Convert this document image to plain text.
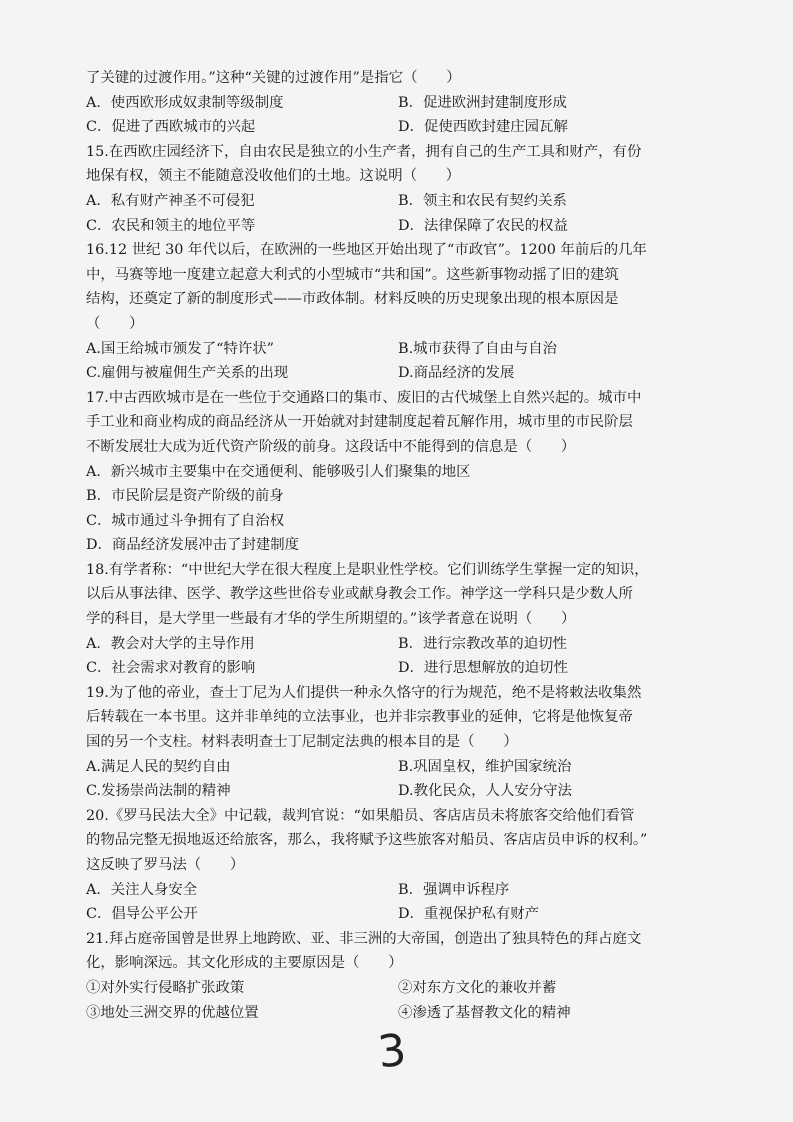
了关键的过渡作用。”这种“关键的过渡作用”是指它（　　）
A．使西欧形成奴隶制等级制度	B．促进欧洲封建制度形成
C．促进了西欧城市的兴起	D．促使西欧封建庄园瓦解
15.在西欧庄园经济下，自由农民是独立的小生产者，拥有自己的生产工具和财产，有份
地保有权，领主不能随意没收他们的土地。这说明（　　）
A．私有财产神圣不可侵犯	B．领主和农民有契约关系
C．农民和领主的地位平等	D．法律保障了农民的权益
16.12 世纪 30 年代以后，在欧洲的一些地区开始出现了“市政官”。1200 年前后的几年
中，马赛等地一度建立起意大利式的小型城市“共和国”。这些新事物动摇了旧的建筑
结构，还奠定了新的制度形式——市政体制。材料反映的历史现象出现的根本原因是
（　　）
A.国王给城市颁发了“特许状”	B.城市获得了自由与自治
C.雇佣与被雇佣生产关系的出现	D.商品经济的发展
17.中古西欧城市是在一些位于交通路口的集市、废旧的古代城堡上自然兴起的。城市中
手工业和商业构成的商品经济从一开始就对封建制度起着瓦解作用，城市里的市民阶层
不断发展壮大成为近代资产阶级的前身。这段话中不能得到的信息是（　　）
A．新兴城市主要集中在交通便利、能够吸引人们聚集的地区
B．市民阶层是资产阶级的前身
C．城市通过斗争拥有了自治权
D．商品经济发展冲击了封建制度
18.有学者称：“中世纪大学在很大程度上是职业性学校。它们训练学生掌握一定的知识，
以后从事法律、医学、教学这些世俗专业或献身教会工作。神学这一学科只是少数人所
学的科目，是大学里一些最有才华的学生所期望的。”该学者意在说明（　　）
A．教会对大学的主导作用	B．进行宗教改革的迫切性
C．社会需求对教育的影响	D．进行思想解放的迫切性
19.为了他的帝业，查士丁尼为人们提供一种永久恪守的行为规范，绝不是将敕法收集然
后转载在一本书里。这并非单纯的立法事业，也并非宗教事业的延伸，它将是他恢复帝
国的另一个支柱。材料表明查士丁尼制定法典的根本目的是（　　）
A.满足人民的契约自由	B.巩固皇权，维护国家统治
C.发扬崇尚法制的精神	D.教化民众，人人安分守法
20.《罗马民法大全》中记载，裁判官说：“如果船员、客店店员未将旅客交给他们看管
的物品完整无损地返还给旅客，那么，我将赋予这些旅客对船员、客店店员申诉的权利。”
这反映了罗马法（　　）
A．关注人身安全	B．强调申诉程序
C．倡导公平公开	D．重视保护私有财产
21.拜占庭帝国曾是世界上地跨欧、亚、非三洲的大帝国，创造出了独具特色的拜占庭文
化，影响深远。其文化形成的主要原因是（　　）
①对外实行侵略扩张政策	②对东方文化的兼收并蓄
③地处三洲交界的优越位置	④渗透了基督教文化的精神
3
